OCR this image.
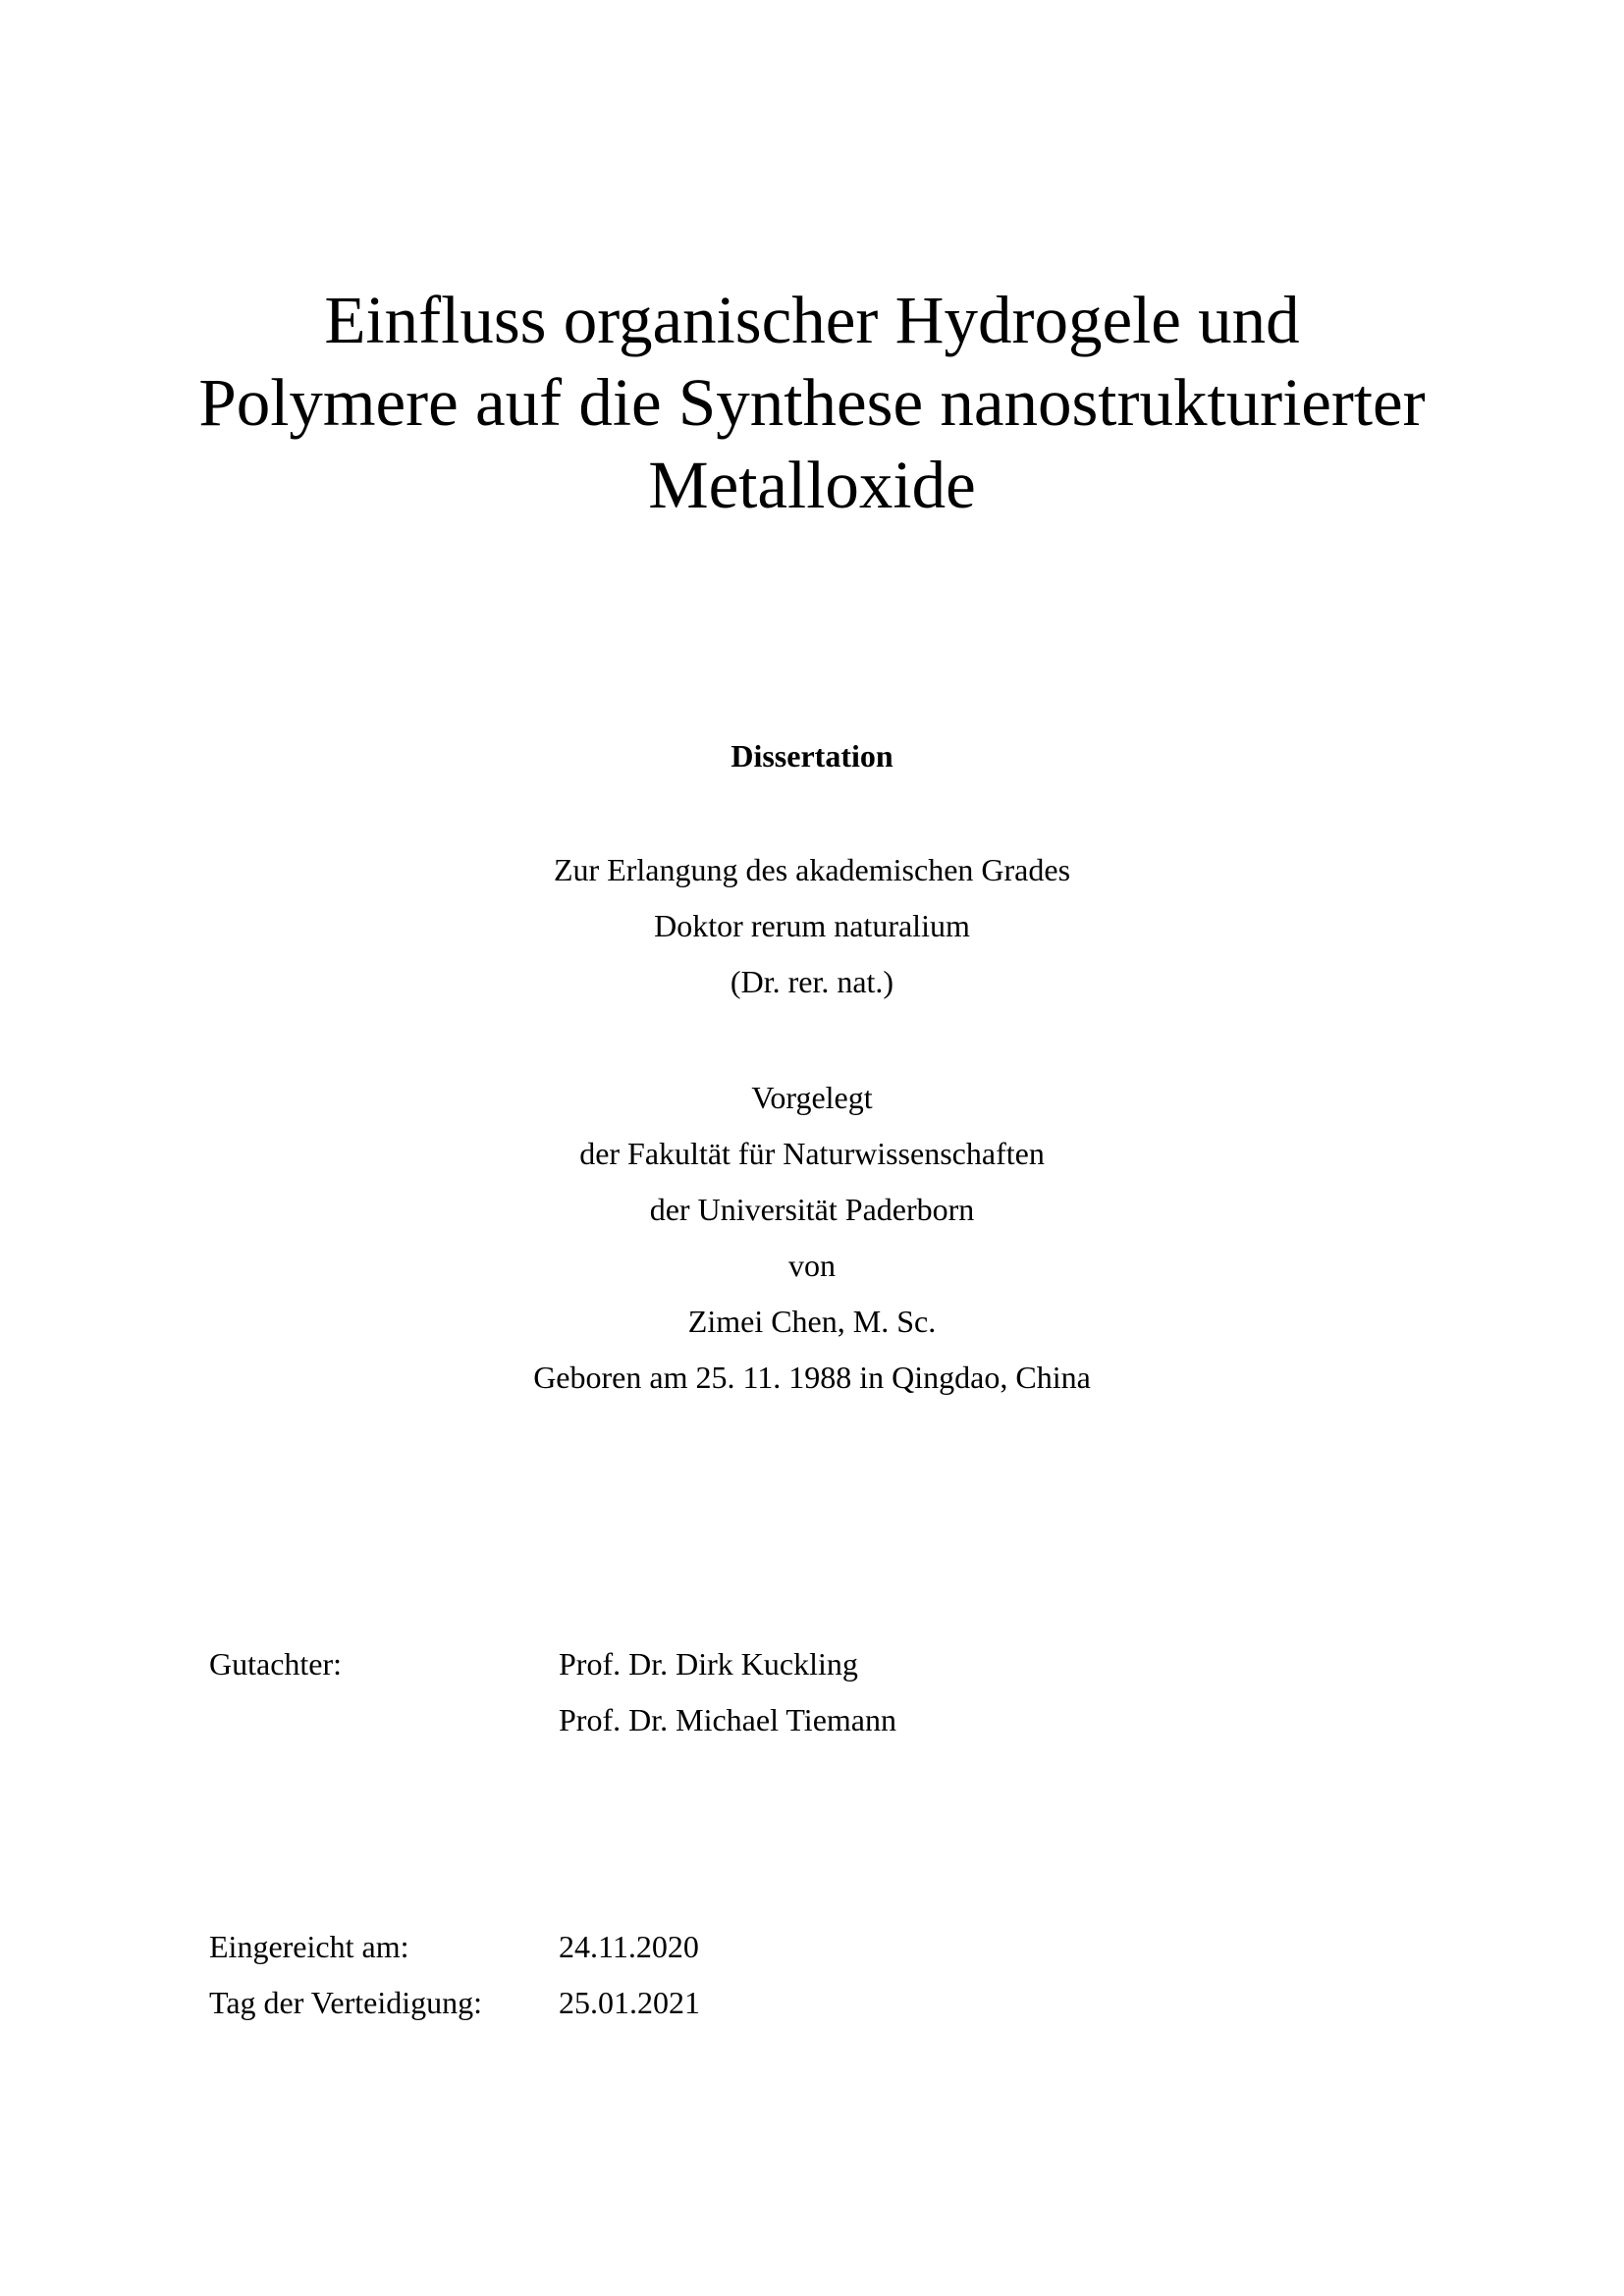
Einfluss organischer Hydrogele und
Polymere auf die Synthese nanostrukturierter
Metalloxide
Dissertation
Zur Erlangung des akademischen Grades
Doktor rerum naturalium
(Dr. rer. nat.)
Vorgelegt
der Fakultät für Naturwissenschaften
der Universität Paderborn
von
Zimei Chen, M. Sc.
Geboren am 25. 11. 1988 in Qingdao, China
Gutachter:	Prof. Dr. Dirk Kuckling
Prof. Dr. Michael Tiemann
Eingereicht am:	24.11.2020
Tag der Verteidigung: 25.01.2021
